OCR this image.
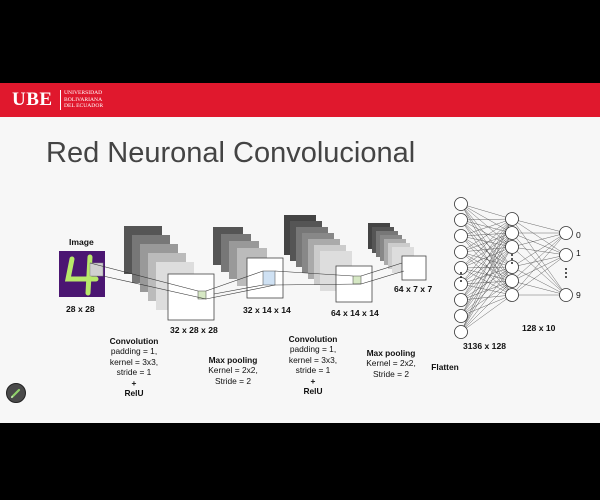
UBE UNIVERSIDAD
BOLIVARIANA
DEL ECUADOR
Red Neuronal Convolucional
Image
28 x 28
32 x 28 x 28
32 x 14 x 14	64 x 14 x 14
64 x 7 x 7
3136 x 128
128 x 10
Convolution
padding = 1,
kernel = 3x3,
stride = 1

+
RelU
Max pooling
Kernel = 2x2,
Stride = 2
Convolution
padding = 1,
kernel = 3x3,
stride = 1

+
RelU
Max pooling
Kernel = 2x2,
Stride = 2
Flatten
0
1
9
